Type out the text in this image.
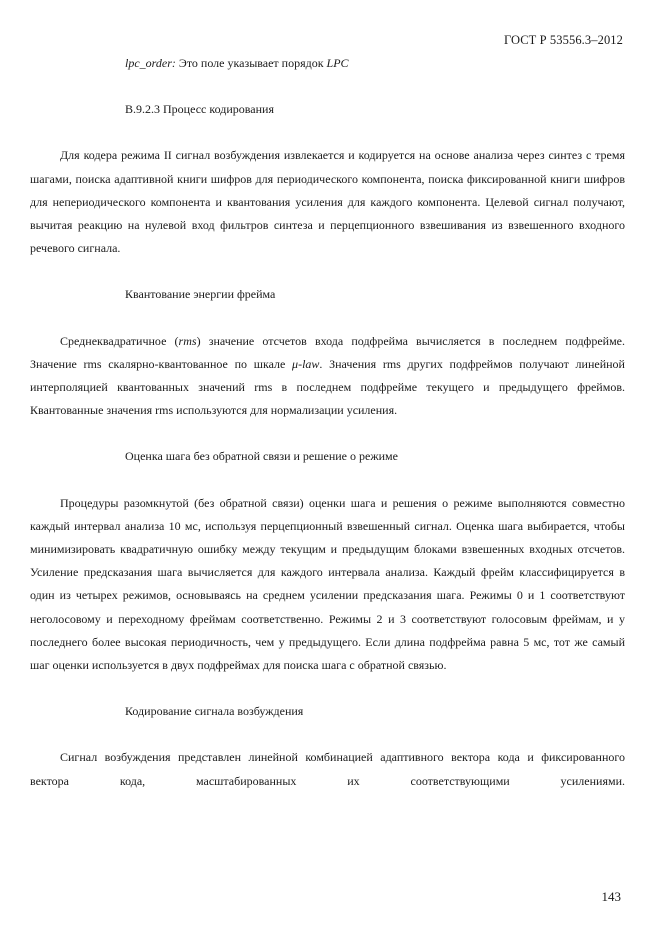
ГОСТ Р 53556.3–2012

lpc_order: Это поле указывает порядок LPC

В.9.2.3 Процесс кодирования

Для кодера режима II сигнал возбуждения извлекается и кодируется на основе анализа через синтез с тремя шагами, поиска адаптивной книги шифров для периодического компонента, поиска фиксированной книги шифров для непериодического компонента и квантования усиления для каждого компонента. Целевой сигнал получают, вычитая реакцию на нулевой вход фильтров синтеза и перцепционного взвешивания из взвешенного входного речевого сигнала.

Квантование энергии фрейма

Среднеквадратичное (rms) значение отсчетов входа подфрейма вычисляется в последнем подфрейме. Значение rms скалярно-квантованное по шкале μ-law. Значения rms других подфреймов получают линейной интерполяцией квантованных значений rms в последнем подфрейме текущего и предыдущего фреймов. Квантованные значения rms используются для нормализации усиления.

Оценка шага без обратной связи и решение о режиме

Процедуры разомкнутой (без обратной связи) оценки шага и решения о режиме выполняются совместно каждый интервал анализа 10 мс, используя перцепционный взвешенный сигнал. Оценка шага выбирается, чтобы минимизировать квадратичную ошибку между текущим и предыдущим блоками взвешенных входных отсчетов. Усиление предсказания шага вычисляется для каждого интервала анализа. Каждый фрейм классифицируется в один из четырех режимов, основываясь на среднем усилении предсказания шага. Режимы 0 и 1 соответствуют неголосовому и переходному фреймам соответственно. Режимы 2 и 3 соответствуют голосовым фреймам, и у последнего более высокая периодичность, чем у предыдущего. Если длина подфрейма равна 5 мс, тот же самый шаг оценки используется в двух подфреймах для поиска шага с обратной связью.

Кодирование сигнала возбуждения

Сигнал возбуждения представлен линейной комбинацией адаптивного вектора кода и фиксированного вектора кода, масштабированных их соответствующими усилениями.

143
